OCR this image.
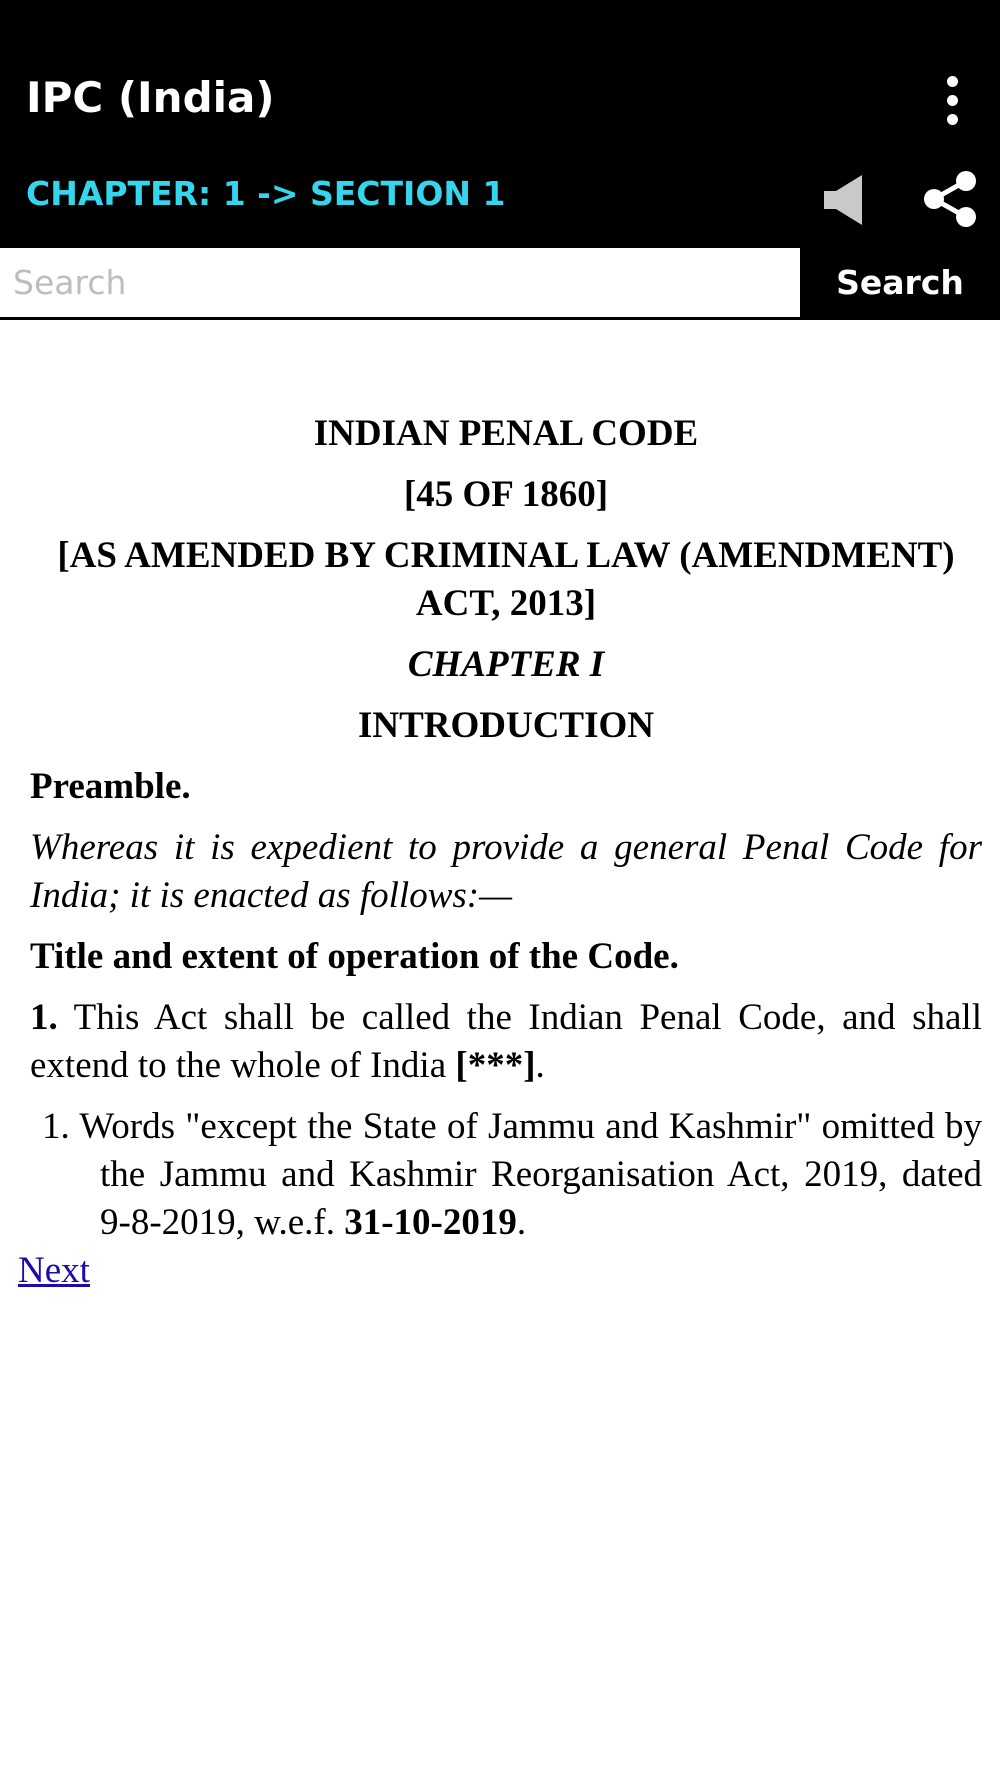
IPC (India)
CHAPTER: 1 -> SECTION 1
Search
Search
INDIAN PENAL CODE
[45 OF 1860]
[AS AMENDED BY CRIMINAL LAW (AMENDMENT) ACT, 2013]
CHAPTER I
INTRODUCTION
Preamble.
Whereas it is expedient to provide a general Penal Code for India; it is enacted as follows:—
Title and extent of operation of the Code.
1. This Act shall be called the Indian Penal Code, and shall extend to the whole of India [***].
1. Words "except the State of Jammu and Kashmir" omitted by the Jammu and Kashmir Reorganisation Act, 2019, dated 9-8-2019, w.e.f. 31-10-2019.
Next
